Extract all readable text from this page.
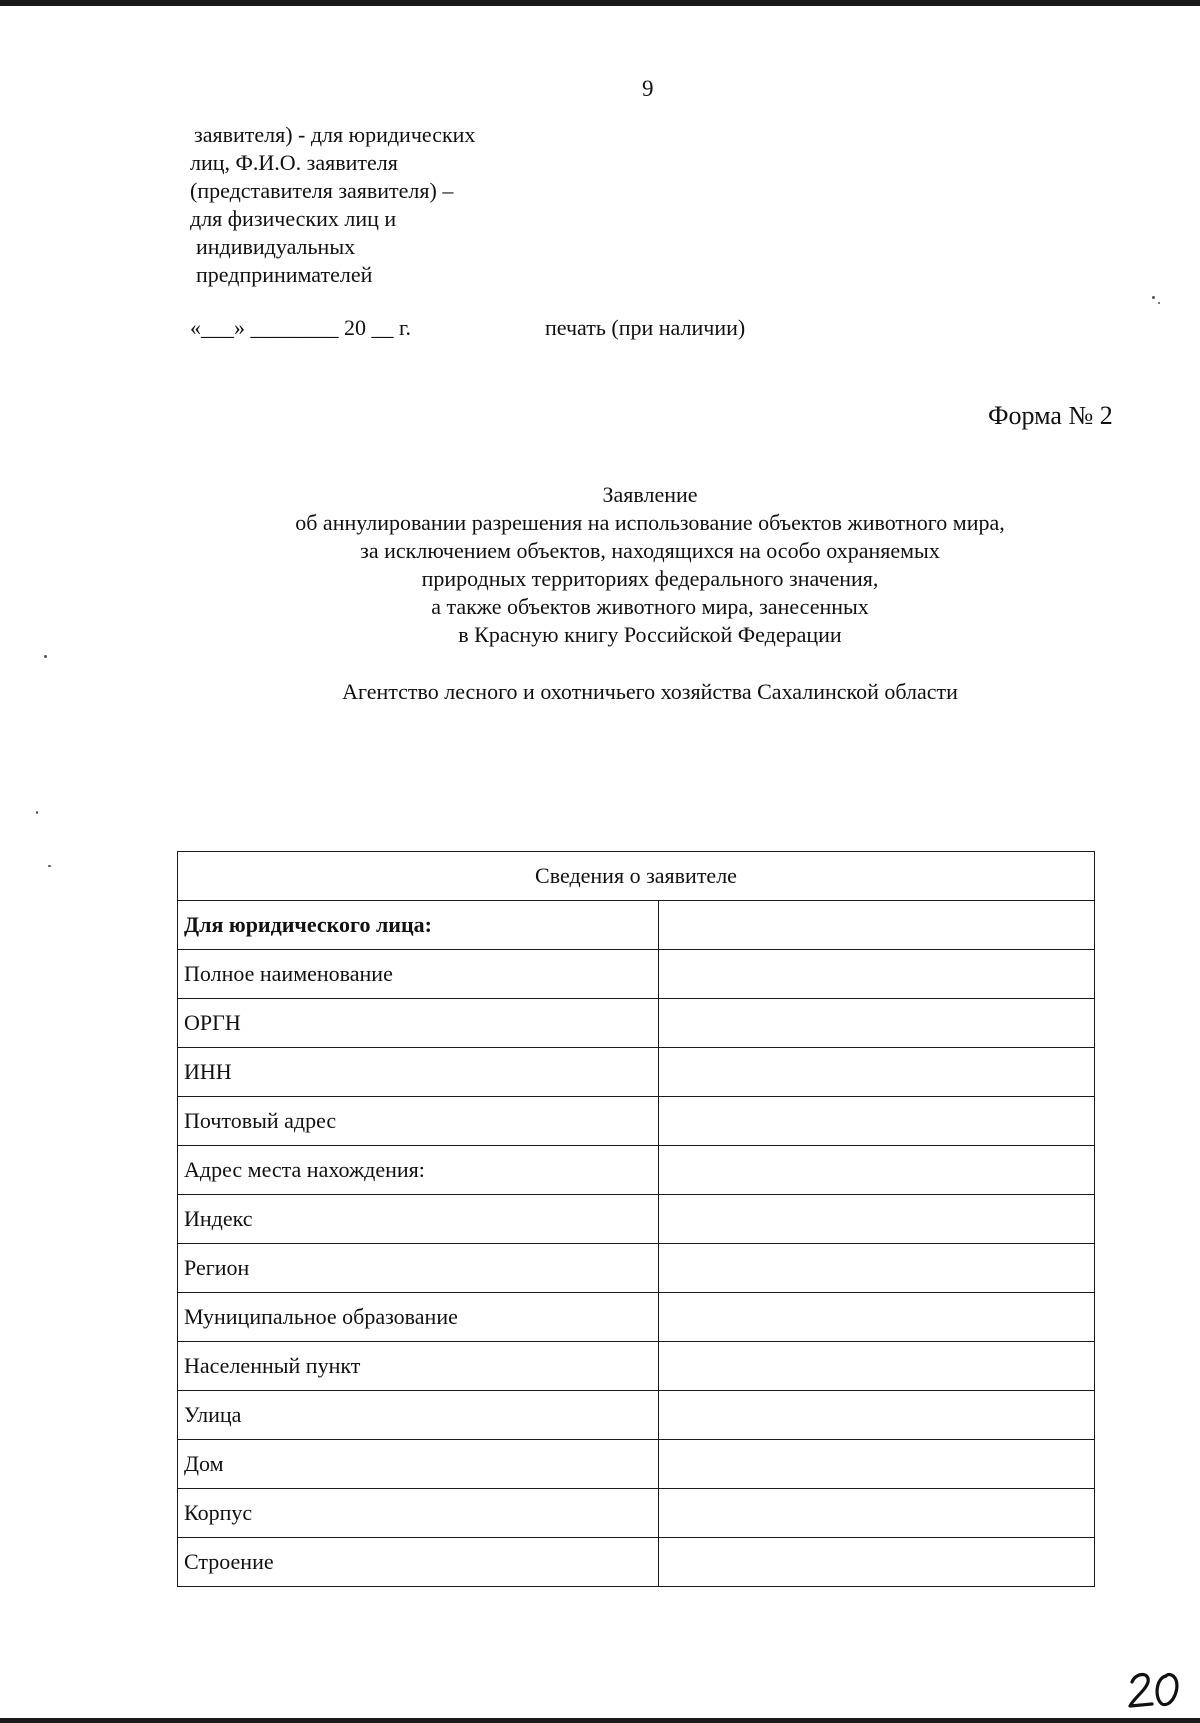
9
заявителя) - для юридических
лиц, Ф.И.О. заявителя
(представителя заявителя) –
для физических лиц и
индивидуальных
предпринимателей
«___» ________ 20 __ г.	печать (при наличии)
Форма № 2
Заявление
об аннулировании разрешения на использование объектов животного мира,
за исключением объектов, находящихся на особо охраняемых
природных территориях федерального значения,
а также объектов животного мира, занесенных
в Красную книгу Российской Федерации
Агентство лесного и охотничьего хозяйства Сахалинской области
Сведения о заявителе	
Для юридического лица:	
Полное наименование	
ОРГН	
ИНН	
Почтовый адрес	
Адрес места нахождения:	
Индекс	
Регион	
Муниципальное образование	
Населенный пункт	
Улица	
Дом	
Корпус	
Строение	
